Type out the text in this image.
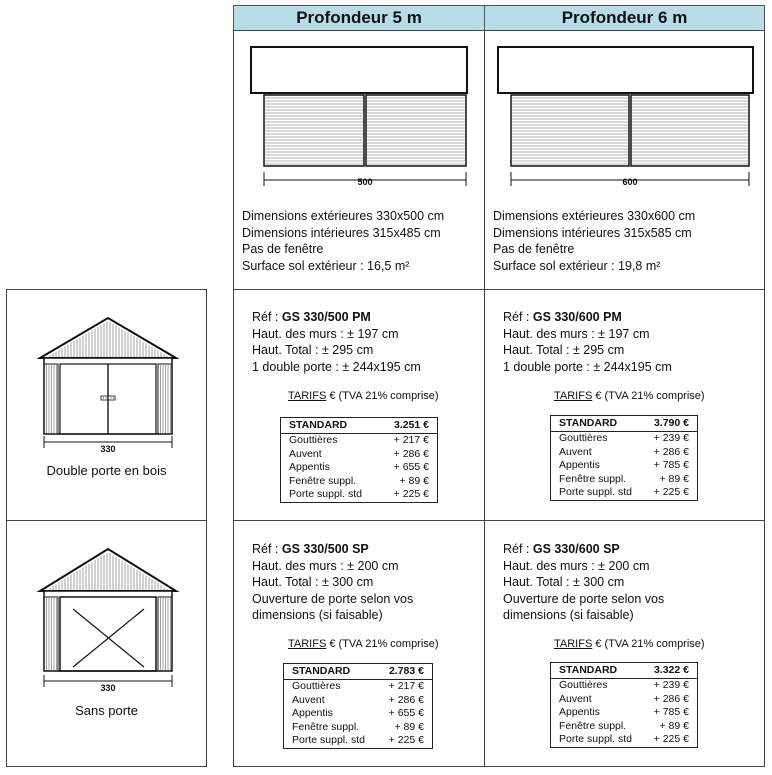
Profondeur 5 m	Profondeur 6 m
500	600
Dimensions extérieures 330x500 cm
Dimensions intérieures 315x485 cm
Pas de fenêtre
Surface sol extérieur : 16,5 m²
Dimensions extérieures 330x600 cm
Dimensions intérieures 315x585 cm
Pas de fenêtre
Surface sol extérieur : 19,8 m²
330
Double porte en bois
330
Sans porte
Réf : GS 330/500 PM
Haut. des murs : ± 197 cm
Haut. Total : ± 295 cm
1 double porte : ± 244x195 cm
TARIFS € (TVA 21% comprise)
STANDARD	3.251 €
Gouttières	+ 217 €
Auvent	+ 286 €
Appentis	+ 655 €
Fenêtre suppl.	+ 89 €
Porte suppl. std	+ 225 €
Réf : GS 330/600 PM
Haut. des murs : ± 197 cm
Haut. Total : ± 295 cm
1 double porte : ± 244x195 cm
TARIFS € (TVA 21% comprise)
STANDARD	3.790 €
Gouttières	+ 239 €
Auvent	+ 286 €
Appentis	+ 785 €
Fenêtre suppl.	+ 89 €
Porte suppl. std	+ 225 €
Réf : GS 330/500 SP
Haut. des murs : ± 200 cm
Haut. Total : ± 300 cm
Ouverture de porte selon vos
dimensions (si faisable)
TARIFS € (TVA 21% comprise)
STANDARD	2.783 €
Gouttières	+ 217 €
Auvent	+ 286 €
Appentis	+ 655 €
Fenêtre suppl.	+ 89 €
Porte suppl. std	+ 225 €
Réf : GS 330/600 SP
Haut. des murs : ± 200 cm
Haut. Total : ± 300 cm
Ouverture de porte selon vos
dimensions (si faisable)
TARIFS € (TVA 21% comprise)
STANDARD	3.322 €
Gouttières	+ 239 €
Auvent	+ 286 €
Appentis	+ 785 €
Fenêtre suppl.	+ 89 €
Porte suppl. std	+ 225 €
